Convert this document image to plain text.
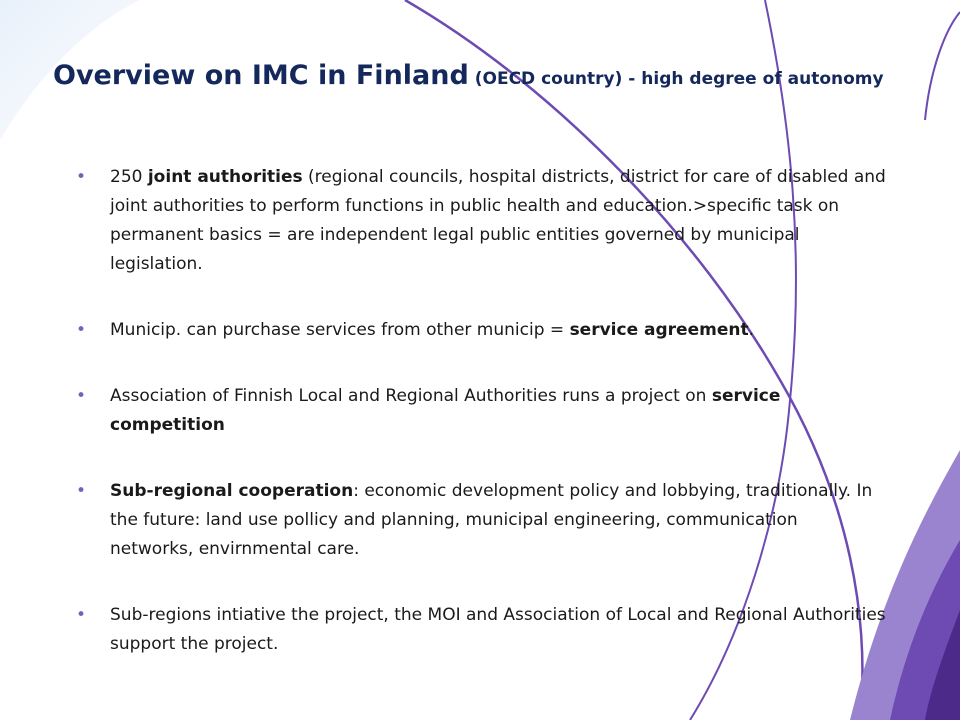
Overview on IMC in Finland (OECD country) - high degree of autonomy
• 250 joint authorities (regional councils, hospital districts, district for care of disabled and joint authorities to perform functions in public health and education.>specific task on permanent basics = are independent legal public entities governed by municipal legislation.
• Municip. can purchase services from other municip = service agreement.
• Association of Finnish Local and Regional Authorities runs a project on service competition
• Sub-regional cooperation: economic development policy and lobbying, traditionally. In the future: land use pollicy and planning, municipal engineering, communication networks, envirnmental care.
• Sub-regions intiative the project, the MOI and Association of Local and Regional Authorities support the project.
